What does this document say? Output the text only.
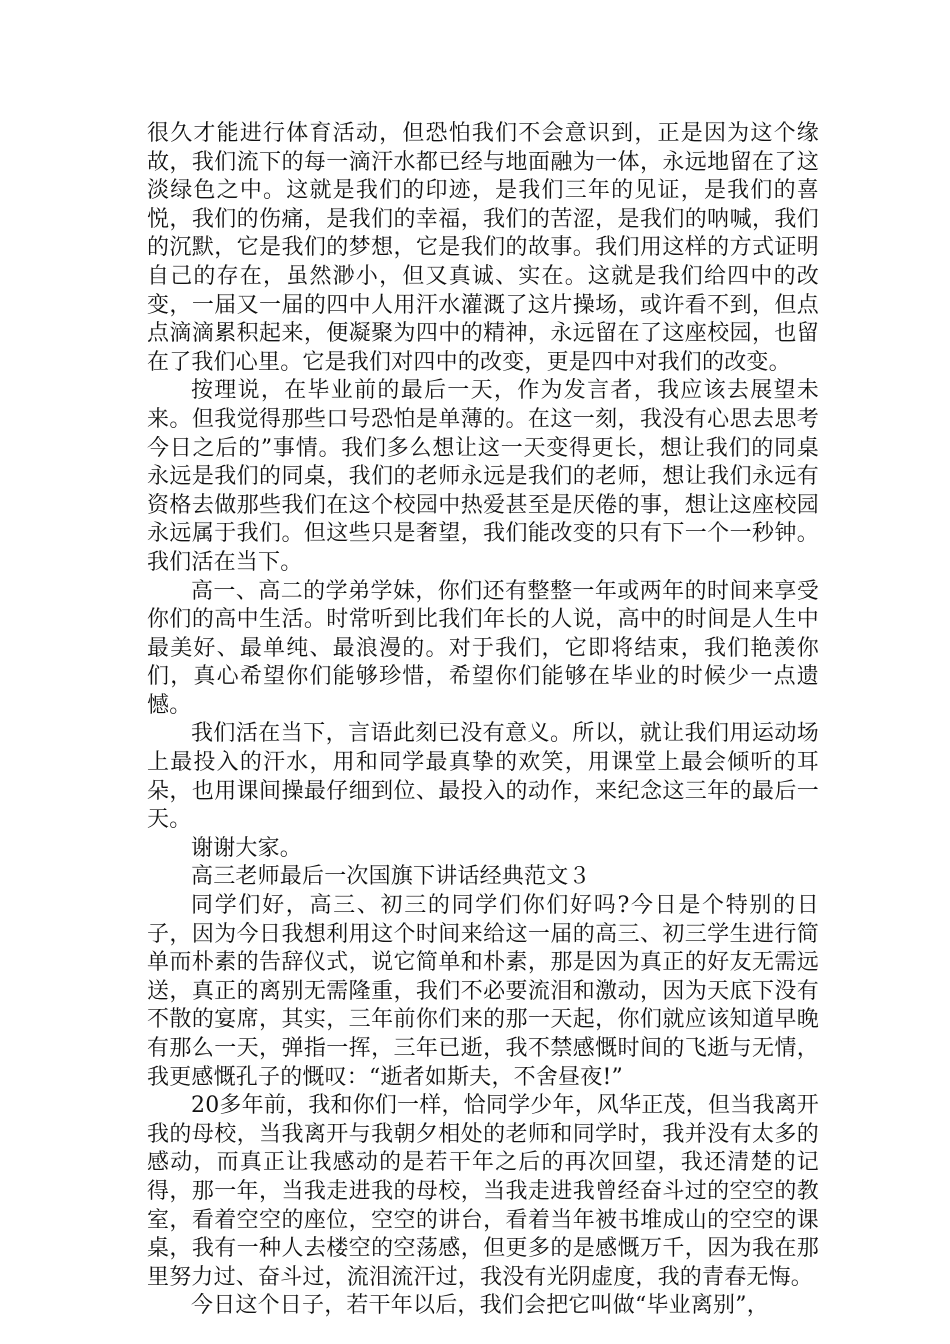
很久才能进行体育活动，但恐怕我们不会意识到，正是因为这个缘故，我们流下的每一滴汗水都已经与地面融为一体，永远地留在了这淡绿色之中。这就是我们的印迹，是我们三年的见证，是我们的喜悦，我们的伤痛，是我们的幸福，我们的苦涩，是我们的呐喊，我们的沉默，它是我们的梦想，它是我们的故事。我们用这样的方式证明自己的存在，虽然渺小，但又真诚、实在。这就是我们给四中的改变，一届又一届的四中人用汗水灌溉了这片操场，或许看不到，但点点滴滴累积起来，便凝聚为四中的精神，永远留在了这座校园，也留在了我们心里。它是我们对四中的改变，更是四中对我们的改变。

按理说，在毕业前的最后一天，作为发言者，我应该去展望未来。但我觉得那些口号恐怕是单薄的。在这一刻，我没有心思去思考今日之后的”事情。我们多么想让这一天变得更长，想让我们的同桌永远是我们的同桌，我们的老师永远是我们的老师，想让我们永远有资格去做那些我们在这个校园中热爱甚至是厌倦的事，想让这座校园永远属于我们。但这些只是奢望，我们能改变的只有下一个一秒钟。我们活在当下。

高一、高二的学弟学妹，你们还有整整一年或两年的时间来享受你们的高中生活。时常听到比我们年长的人说，高中的时间是人生中最美好、最单纯、最浪漫的。对于我们，它即将结束，我们艳羡你们，真心希望你们能够珍惜，希望你们能够在毕业的时候少一点遗憾。

我们活在当下，言语此刻已没有意义。所以，就让我们用运动场上最投入的汗水，用和同学最真挚的欢笑，用课堂上最会倾听的耳朵，也用课间操最仔细到位、最投入的动作，来纪念这三年的最后一天。

谢谢大家。

高三老师最后一次国旗下讲话经典范文３

同学们好，高三、初三的同学们你们好吗?今日是个特别的日子，因为今日我想利用这个时间来给这一届的高三、初三学生进行简单而朴素的告辞仪式，说它简单和朴素，那是因为真正的好友无需远送，真正的离别无需隆重，我们不必要流泪和激动，因为天底下没有不散的宴席，其实，三年前你们来的那一天起，你们就应该知道早晚有那么一天，弹指一挥，三年已逝，我不禁感慨时间的飞逝与无情，我更感慨孔子的慨叹：“逝者如斯夫，不舍昼夜!”

20多年前，我和你们一样，恰同学少年，风华正茂，但当我离开我的母校，当我离开与我朝夕相处的老师和同学时，我并没有太多的感动，而真正让我感动的是若干年之后的再次回望，我还清楚的记得，那一年，当我走进我的母校，当我走进我曾经奋斗过的空空的教室，看着空空的座位，空空的讲台，看着当年被书堆成山的空空的课桌，我有一种人去楼空的空荡感，但更多的是感慨万千，因为我在那里努力过、奋斗过，流泪流汗过，我没有光阴虚度，我的青春无悔。

今日这个日子，若干年以后，我们会把它叫做“毕业离别”，
